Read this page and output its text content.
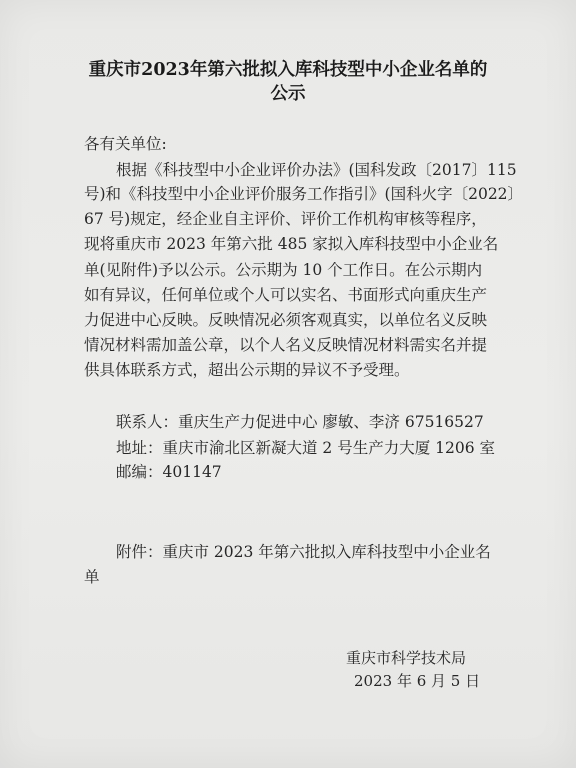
重庆市2023年第六批拟入库科技型中小企业名单的
公示
各有关单位:
根据《科技型中小企业评价办法》(国科发政〔2017〕115
号)和《科技型中小企业评价服务工作指引》(国科火字〔2022〕
67 号)规定，经企业自主评价、评价工作机构审核等程序，
现将重庆市 2023 年第六批 485 家拟入库科技型中小企业名
单(见附件)予以公示。公示期为 10 个工作日。在公示期内
如有异议，任何单位或个人可以实名、书面形式向重庆生产
力促进中心反映。反映情况必须客观真实，以单位名义反映
情况材料需加盖公章，以个人名义反映情况材料需实名并提
供具体联系方式，超出公示期的异议不予受理。
联系人：重庆生产力促进中心 廖敏、李济 67516527
地址：重庆市渝北区新凝大道 2 号生产力大厦 1206 室
邮编：401147
附件：重庆市 2023 年第六批拟入库科技型中小企业名
单
重庆市科学技术局
2023 年 6 月 5 日
